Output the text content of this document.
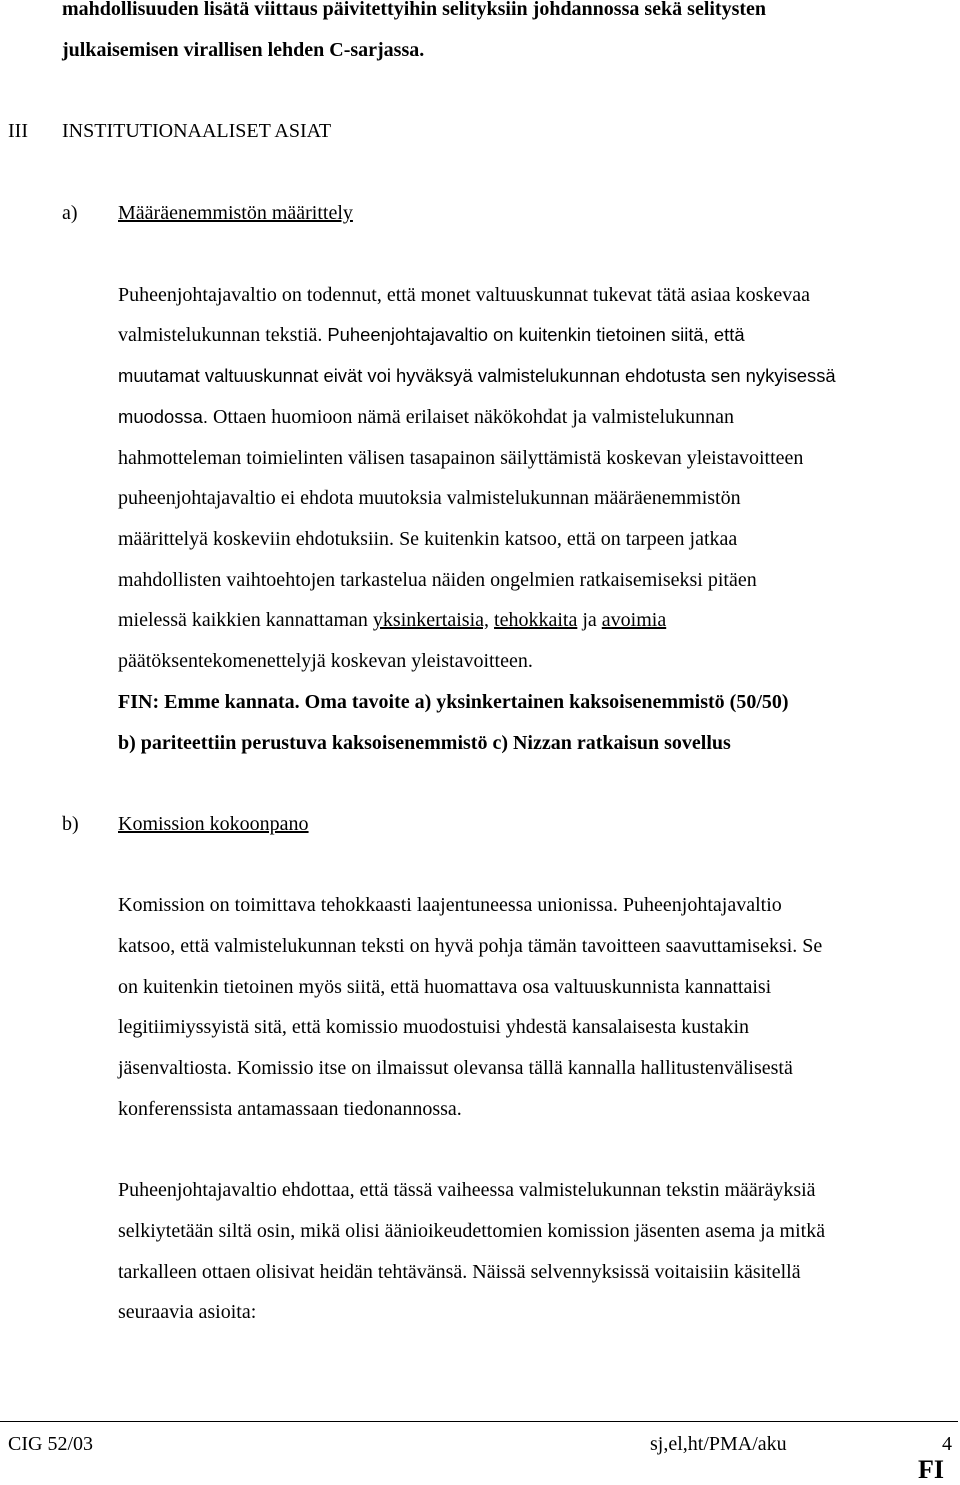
mahdollisuuden lisätä viittaus päivitettyihin selityksiin johdannossa sekä selitysten
julkaisemisen virallisen lehden C-sarjassa.
III INSTITUTIONAALISET ASIAT
a) Määräenemmistön määrittely
Puheenjohtajavaltio on todennut, että monet valtuuskunnat tukevat tätä asiaa koskevaa
valmistelukunnan tekstiä. Puheenjohtajavaltio on kuitenkin tietoinen siitä, että
muutamat valtuuskunnat eivät voi hyväksyä valmistelukunnan ehdotusta sen nykyisessä
muodossa. Ottaen huomioon nämä erilaiset näkökohdat ja valmistelukunnan
hahmotteleman toimielinten välisen tasapainon säilyttämistä koskevan yleistavoitteen
puheenjohtajavaltio ei ehdota muutoksia valmistelukunnan määräenemmistön
määrittelyä koskeviin ehdotuksiin. Se kuitenkin katsoo, että on tarpeen jatkaa
mahdollisten vaihtoehtojen tarkastelua näiden ongelmien ratkaisemiseksi pitäen
mielessä kaikkien kannattaman yksinkertaisia, tehokkaita ja avoimia
päätöksentekomenettelyjä koskevan yleistavoitteen.
FIN: Emme kannata. Oma tavoite a) yksinkertainen kaksoisenemmistö (50/50)
b) pariteettiin perustuva kaksoisenemmistö c) Nizzan ratkaisun sovellus
b) Komission kokoonpano
Komission on toimittava tehokkaasti laajentuneessa unionissa. Puheenjohtajavaltio
katsoo, että valmistelukunnan teksti on hyvä pohja tämän tavoitteen saavuttamiseksi. Se
on kuitenkin tietoinen myös siitä, että huomattava osa valtuuskunnista kannattaisi
legitiimiyssyistä sitä, että komissio muodostuisi yhdestä kansalaisesta kustakin
jäsenvaltiosta. Komissio itse on ilmaissut olevansa tällä kannalla hallitustenvälisestä
konferenssista antamassaan tiedonannossa.
Puheenjohtajavaltio ehdottaa, että tässä vaiheessa valmistelukunnan tekstin määräyksiä
selkiytetään siltä osin, mikä olisi äänioikeudettomien komission jäsenten asema ja mitkä
tarkalleen ottaen olisivat heidän tehtävänsä. Näissä selvennyksissä voitaisiin käsitellä
seuraavia asioita:
CIG 52/03	sj,el,ht/PMA/aku	4
FI
